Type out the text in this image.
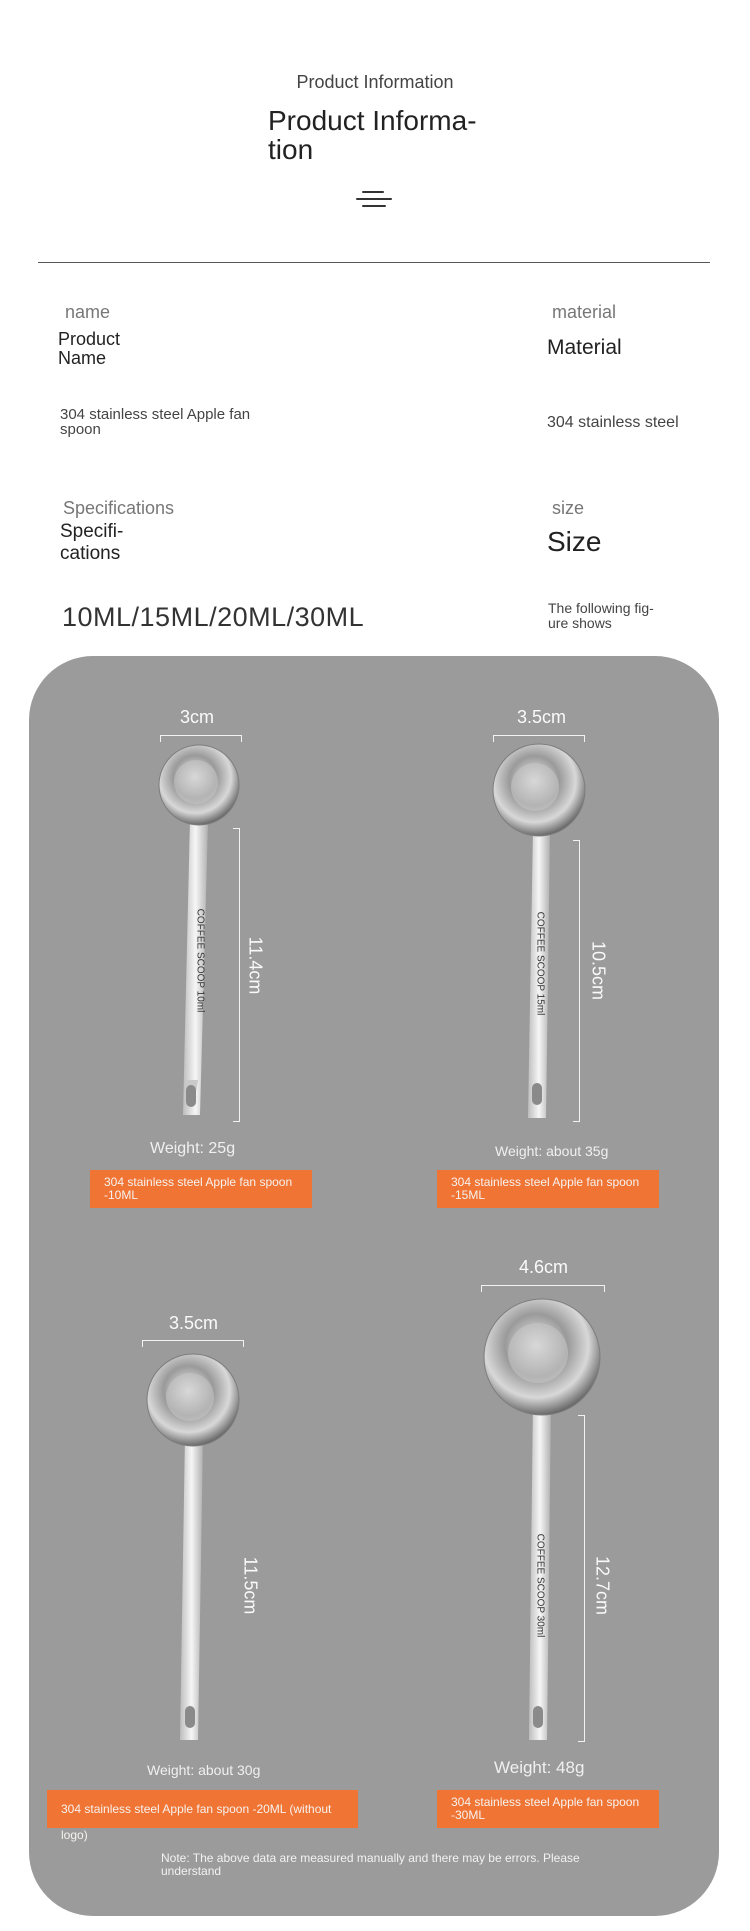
Product Information
Product Informa-
tion
name
Product
Name
304 stainless steel Apple fan
spoon
material
Material
304 stainless steel
Specifications
Specifi-
cations
10ML/15ML/20ML/30ML
size
Size
The following fig-
ure shows
COFFEE SCOOP 10ml	COFFEE SCOOP 15ml
COFFEE SCOOP 30ml
3cm
11.4cm
Weight: 25g
304 stainless steel Apple fan spoon
-10ML
3.5cm
10.5cm
Weight: about 35g
304 stainless steel Apple fan spoon
-15ML
3.5cm
11.5cm
Weight: about 30g
304 stainless steel Apple fan spoon -20ML (without logo)
4.6cm
12.7cm
Weight: 48g
304 stainless steel Apple fan spoon
-30ML
Note: The above data are measured manually and there may be errors. Please
understand
